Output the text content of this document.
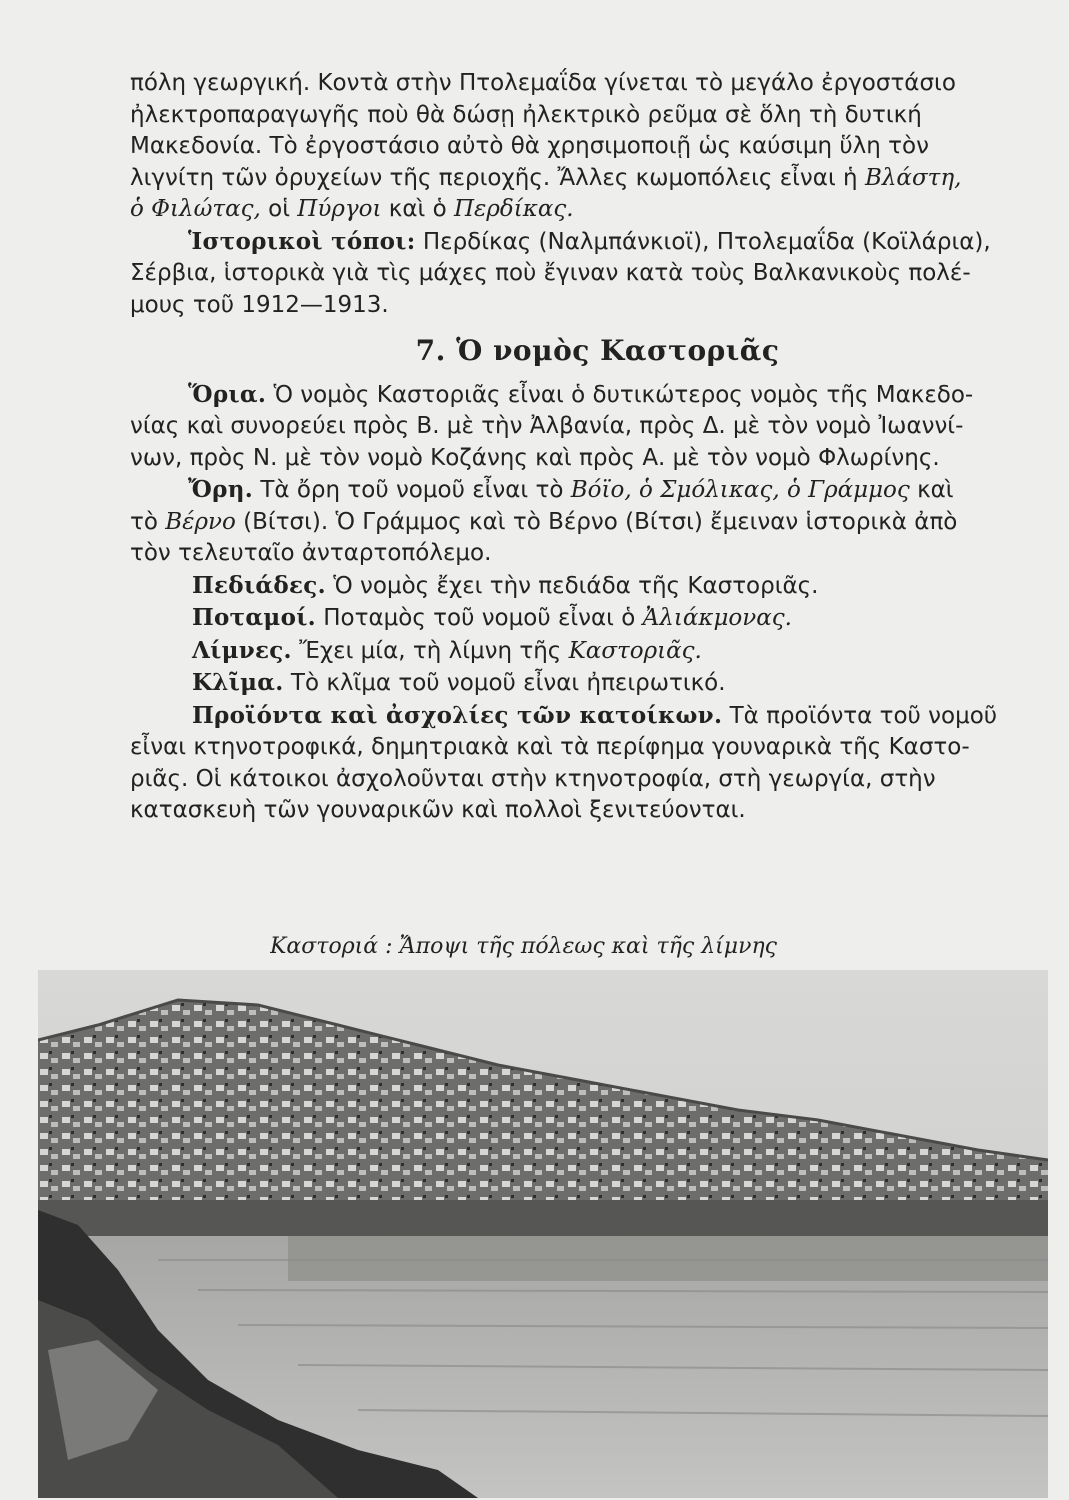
πόλη γεωργική. Κοντὰ στὴν Πτολεμαΐδα γίνεται τὸ μεγάλο ἐργοστάσιο
ἠλεκτροπαραγωγῆς ποὺ θὰ δώσῃ ἠλεκτρικὸ ρεῦμα σὲ ὅλη τὴ δυτική
Μακεδονία. Τὸ ἐργοστάσιο αὐτὸ θὰ χρησιμοποιῇ ὡς καύσιμη ὕλη τὸν
λιγνίτη τῶν ὀρυχείων τῆς περιοχῆς. Ἄλλες κωμοπόλεις εἶναι ἡ Βλάστη,
ὁ Φιλώτας, οἱ Πύργοι καὶ ὁ Περδίκας.
Ἱστορικοὶ τόποι: Περδίκας (Ναλμπάνκιοϊ), Πτολεμαΐδα (Κοϊλάρια),
Σέρβια, ἱστορικὰ γιὰ τὶς μάχες ποὺ ἔγιναν κατὰ τοὺς Βαλκανικοὺς πολέ-
μους τοῦ 1912—1913.
7. Ὁ νομὸς Καστοριᾶς
Ὅρια. Ὁ νομὸς Καστοριᾶς εἶναι ὁ δυτικώτερος νομὸς τῆς Μακεδο-
νίας καὶ συνορεύει πρὸς Β. μὲ τὴν Ἀλβανία, πρὸς Δ. μὲ τὸν νομὸ Ἰωαννί-
νων, πρὸς Ν. μὲ τὸν νομὸ Κοζάνης καὶ πρὸς Α. μὲ τὸν νομὸ Φλωρίνης.
Ὄρη. Τὰ ὄρη τοῦ νομοῦ εἶναι τὸ Βόϊο, ὁ Σμόλικας, ὁ Γράμμος καὶ
τὸ Βέρνο (Βίτσι). Ὁ Γράμμος καὶ τὸ Βέρνο (Βίτσι) ἔμειναν ἱστορικὰ ἀπὸ
τὸν τελευταῖο ἀνταρτοπόλεμο.
Πεδιάδες. Ὁ νομὸς ἔχει τὴν πεδιάδα τῆς Καστοριᾶς.
Ποταμοί. Ποταμὸς τοῦ νομοῦ εἶναι ὁ Ἀλιάκμονας.
Λίμνες. Ἔχει μία, τὴ λίμνη τῆς Καστοριᾶς.
Κλῖμα. Τὸ κλῖμα τοῦ νομοῦ εἶναι ἠπειρωτικό.
Προϊόντα καὶ ἀσχολίες τῶν κατοίκων. Τὰ προϊόντα τοῦ νομοῦ
εἶναι κτηνοτροφικά, δημητριακὰ καὶ τὰ περίφημα γουναρικὰ τῆς Καστο-
ριᾶς. Οἱ κάτοικοι ἀσχολοῦνται στὴν κτηνοτροφία, στὴ γεωργία, στὴν
κατασκευὴ τῶν γουναρικῶν καὶ πολλοὶ ξενιτεύονται.
Καστοριά : Ἄποψι τῆς πόλεως καὶ τῆς λίμνης
